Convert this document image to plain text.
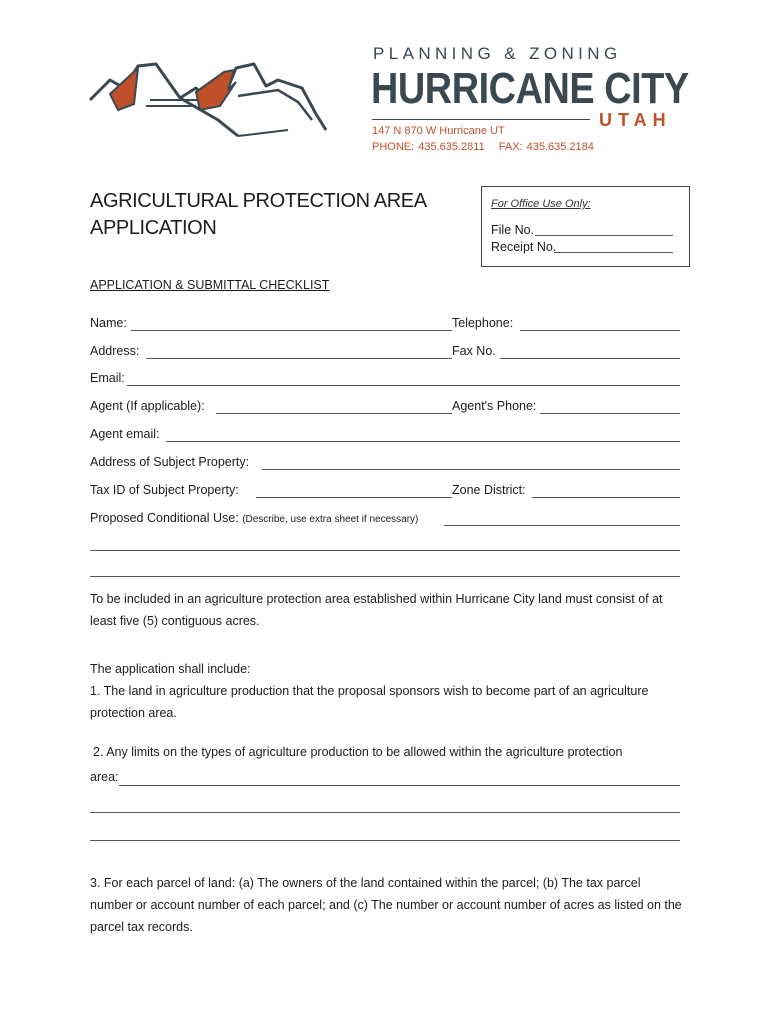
PLANNING & ZONING
HURRICANE CITY
UTAH
147 N 870 W Hurricane UT
PHONE: 435.635.2811 FAX: 435.635.2184
AGRICULTURAL PROTECTION AREA
APPLICATION
For Office Use Only:
File No.
Receipt No.
APPLICATION & SUBMITTAL CHECKLIST
Name:	Telephone:
Address:	Fax No.
Email:
Agent (If applicable):	Agent's Phone:
Agent email:
Address of Subject Property:
Tax ID of Subject Property:	Zone District:
Proposed Conditional Use: (Describe, use extra sheet if necessary)
To be included in an agriculture protection area established within Hurricane City land must consist of at least five (5) contiguous acres.
The application shall include:
1. The land in agriculture production that the proposal sponsors wish to become part of an agriculture protection area.
2. Any limits on the types of agriculture production to be allowed within the agriculture protection
area:
3. For each parcel of land: (a) The owners of the land contained within the parcel; (b) The tax parcel number or account number of each parcel; and (c) The number or account number of acres as listed on the parcel tax records.
